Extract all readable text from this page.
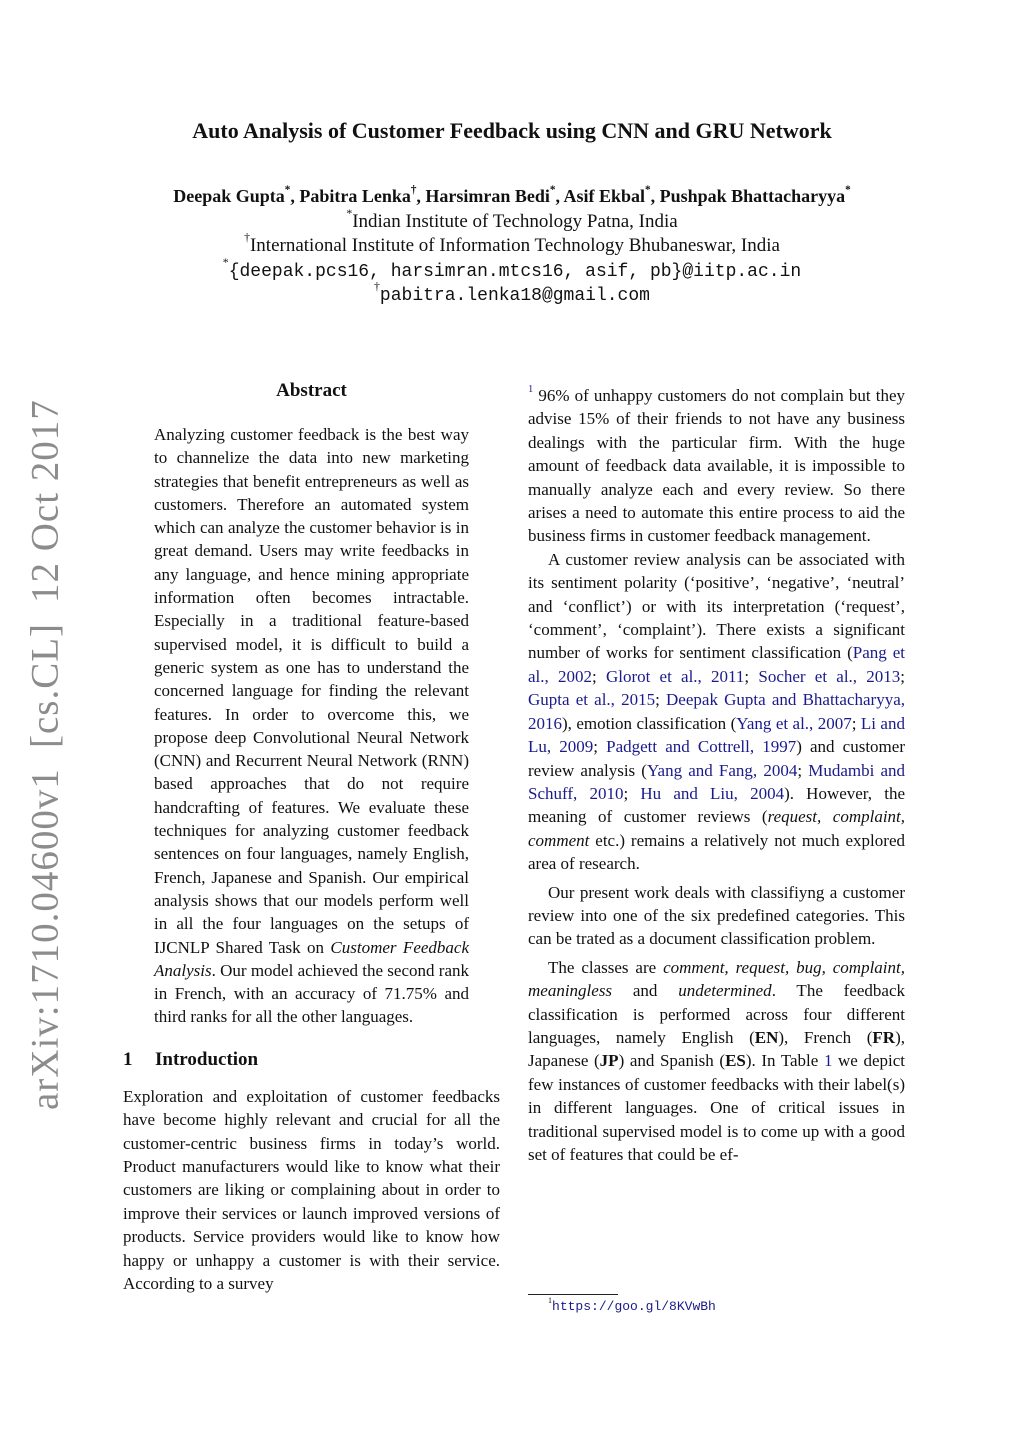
arXiv:1710.04600v1
[cs.CL]
12 Oct 2017
Auto Analysis of Customer Feedback using CNN and GRU Network
Deepak Gupta*, Pabitra Lenka†, Harsimran Bedi*, Asif Ekbal*, Pushpak Bhattacharyya*
*Indian Institute of Technology Patna, India
†International Institute of Information Technology Bhubaneswar, India
*{deepak.pcs16, harsimran.mtcs16, asif, pb}@iitp.ac.in
†pabitra.lenka18@gmail.com
Abstract
Analyzing customer feedback is the best way to channelize the data into new marketing strategies that benefit entrepreneurs as well as customers. Therefore an automated system which can analyze the customer behavior is in great demand. Users may write feedbacks in any language, and hence mining appropriate information often becomes intractable. Especially in a traditional feature-based supervised model, it is difficult to build a generic system as one has to understand the concerned language for finding the relevant features. In order to overcome this, we propose deep Convolutional Neural Network (CNN) and Recurrent Neural Network (RNN) based approaches that do not require handcrafting of features. We evaluate these techniques for analyzing customer feedback sentences on four languages, namely English, French, Japanese and Spanish. Our empirical analysis shows that our models perform well in all the four languages on the setups of IJCNLP Shared Task on Customer Feedback Analysis. Our model achieved the second rank in French, with an accuracy of 71.75% and third ranks for all the other languages.
1 Introduction

Exploration and exploitation of customer feedbacks have become highly relevant and crucial for all the customer-centric business firms in today’s world. Product manufacturers would like to know what their customers are liking or complaining about in order to improve their services or launch improved versions of products. Service providers would like to know how happy or unhappy a customer is with their service. According to a survey

$^1$ 96% of unhappy customers do not complain but they advise 15% of their friends to not have any business dealings with the particular firm. With the huge amount of feedback data available, it is impossible to manually analyze each and every review. So there arises a need to automate this entire process to aid the business firms in customer feedback management.

A customer review analysis can be associated with its sentiment polarity (‘positive’, ‘negative’, ‘neutral’ and ‘conflict’) or with its interpretation (‘request’, ‘comment’, ‘complaint’). There exists a significant number of works for sentiment classification (Pang et al., 2002; Glorot et al., 2011; Socher et al., 2013; Gupta et al., 2015; Deepak Gupta and Bhattacharyya, 2016), emotion classification (Yang et al., 2007; Li and Lu, 2009; Padgett and Cottrell, 1997) and customer review analysis (Yang and Fang, 2004; Mudambi and Schuff, 2010; Hu and Liu, 2004). However, the meaning of customer reviews (request, complaint, comment etc.) remains a relatively not much explored area of research.

Our present work deals with classifiyng a customer review into one of the six predefined categories. This can be trated as a document classification problem.

The classes are comment, request, bug, complaint, meaningless and undetermined. The feedback classification is performed across four different languages, namely English (EN), French (FR), Japanese (JP) and Spanish (ES). In Table 1 we depict few instances of customer feedbacks with their label(s) in different languages. One of critical issues in traditional supervised model is to come up with a good set of features that could be ef-

$^1$https://goo.gl/8KVwBh
